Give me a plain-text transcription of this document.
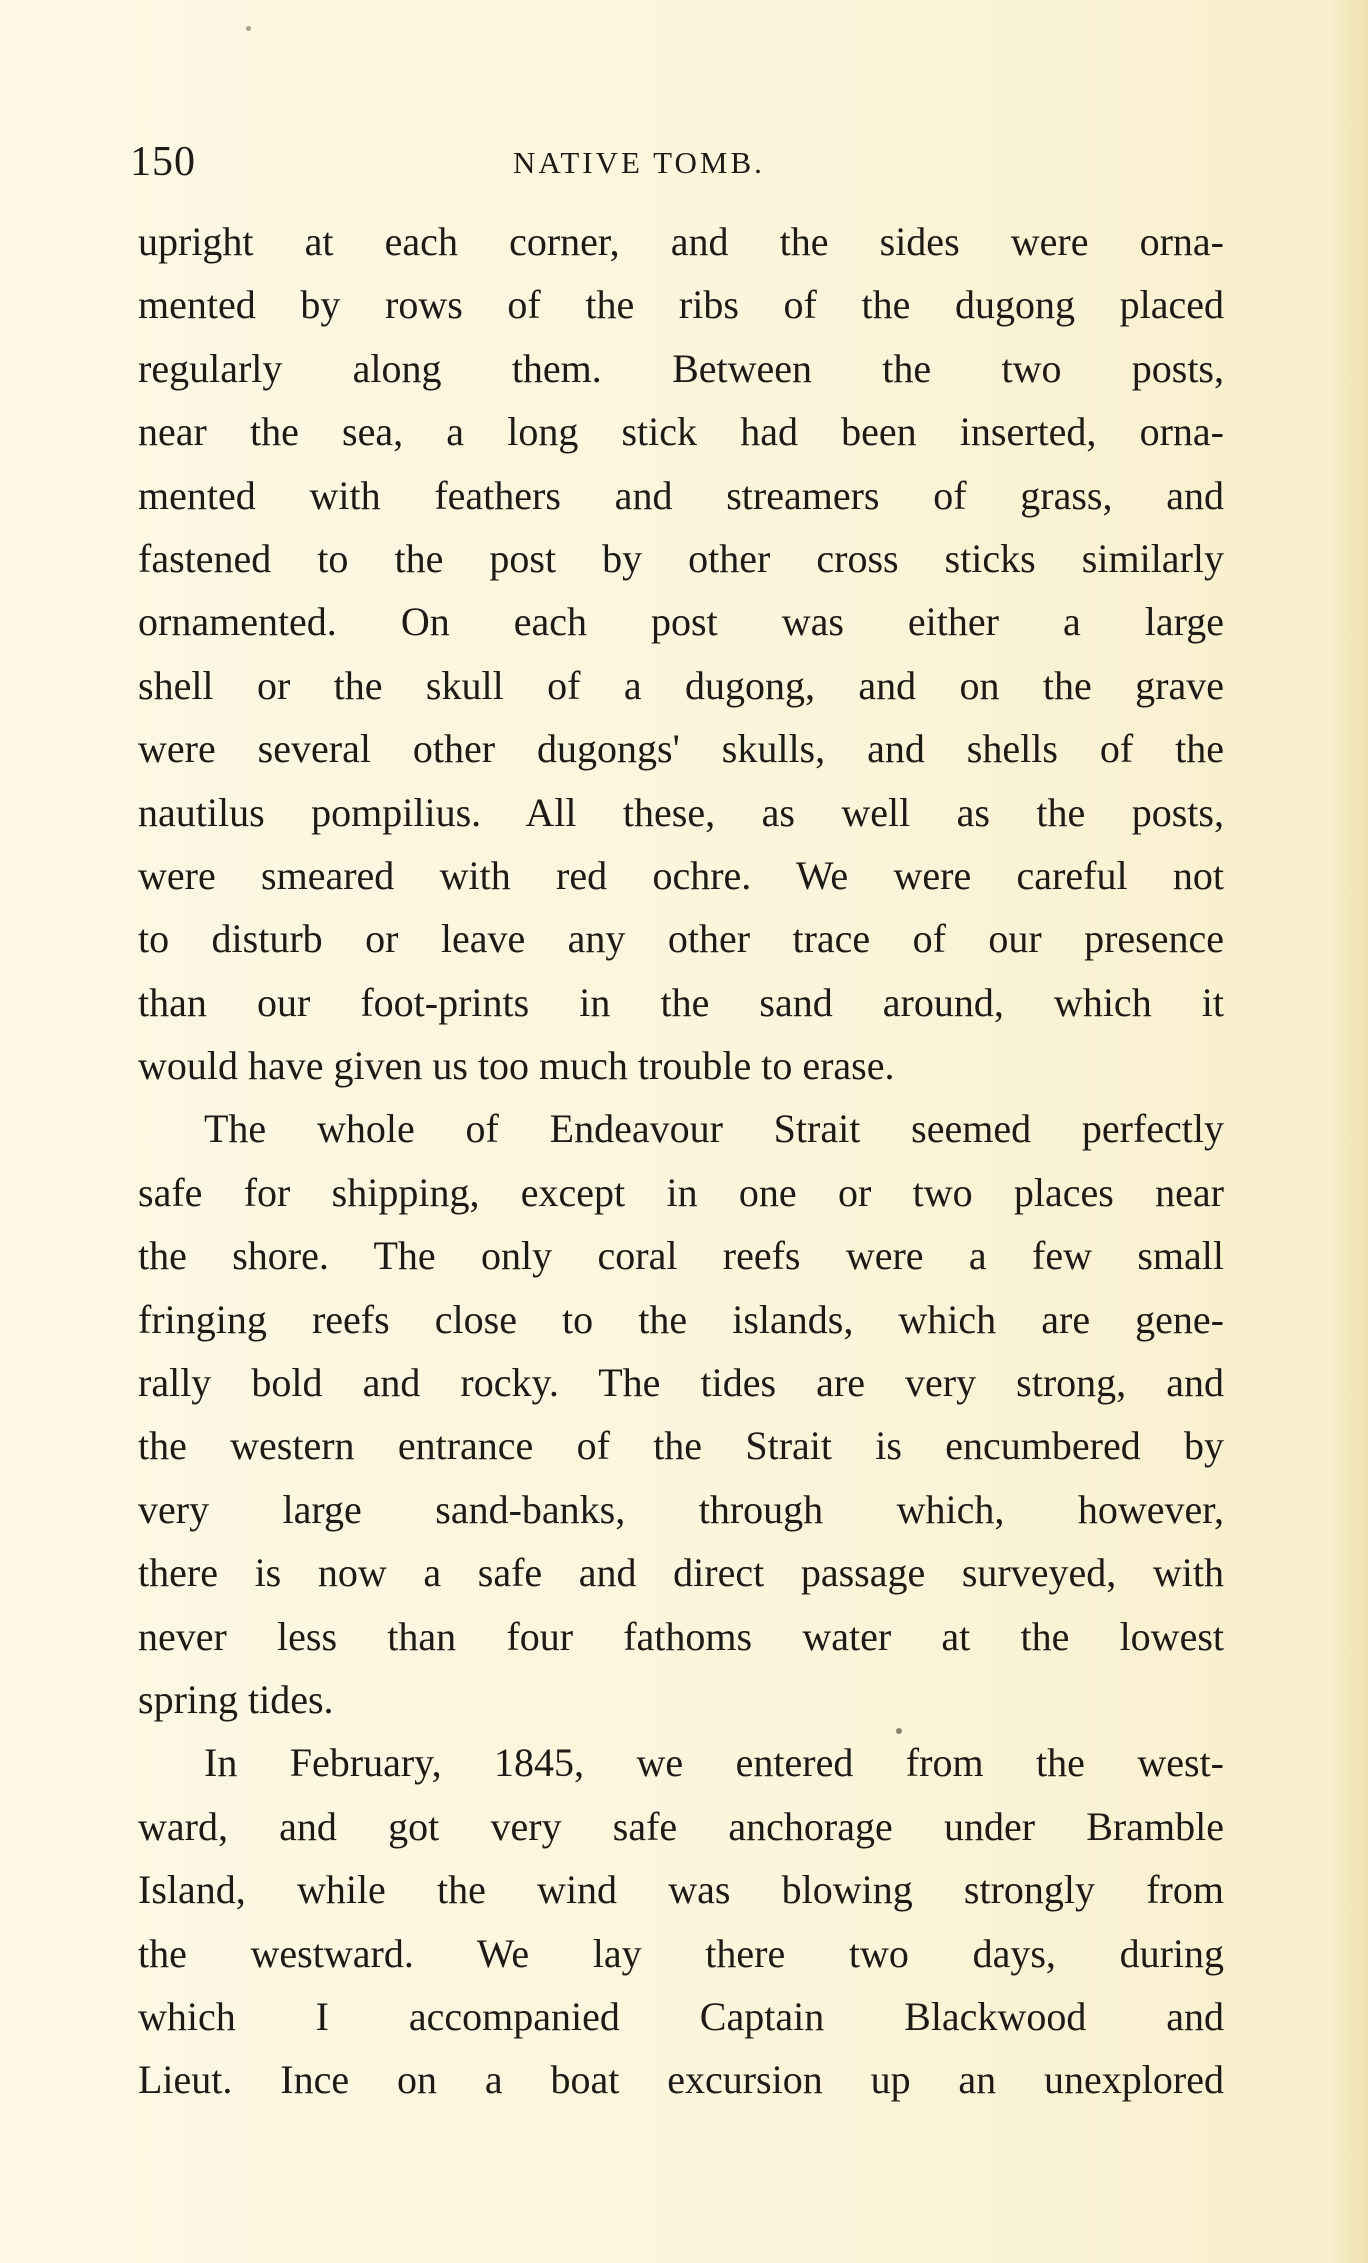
150	NATIVE TOMB.
upright at each corner, and the sides were orna-
mented by rows of the ribs of the dugong placed
regularly along them. Between the two posts,
near the sea, a long stick had been inserted, orna-
mented with feathers and streamers of grass, and
fastened to the post by other cross sticks similarly
ornamented. On each post was either a large
shell or the skull of a dugong, and on the grave
were several other dugongs' skulls, and shells of the
nautilus pompilius. All these, as well as the posts,
were smeared with red ochre. We were careful not
to disturb or leave any other trace of our presence
than our foot-prints in the sand around, which it
would have given us too much trouble to erase.
The whole of Endeavour Strait seemed perfectly
safe for shipping, except in one or two places near
the shore. The only coral reefs were a few small
fringing reefs close to the islands, which are gene-
rally bold and rocky. The tides are very strong, and
the western entrance of the Strait is encumbered by
very large sand-banks, through which, however,
there is now a safe and direct passage surveyed, with
never less than four fathoms water at the lowest
spring tides.
In February, 1845, we entered from the west-
ward, and got very safe anchorage under Bramble
Island, while the wind was blowing strongly from
the westward. We lay there two days, during
which I accompanied Captain Blackwood and
Lieut. Ince on a boat excursion up an unexplored
